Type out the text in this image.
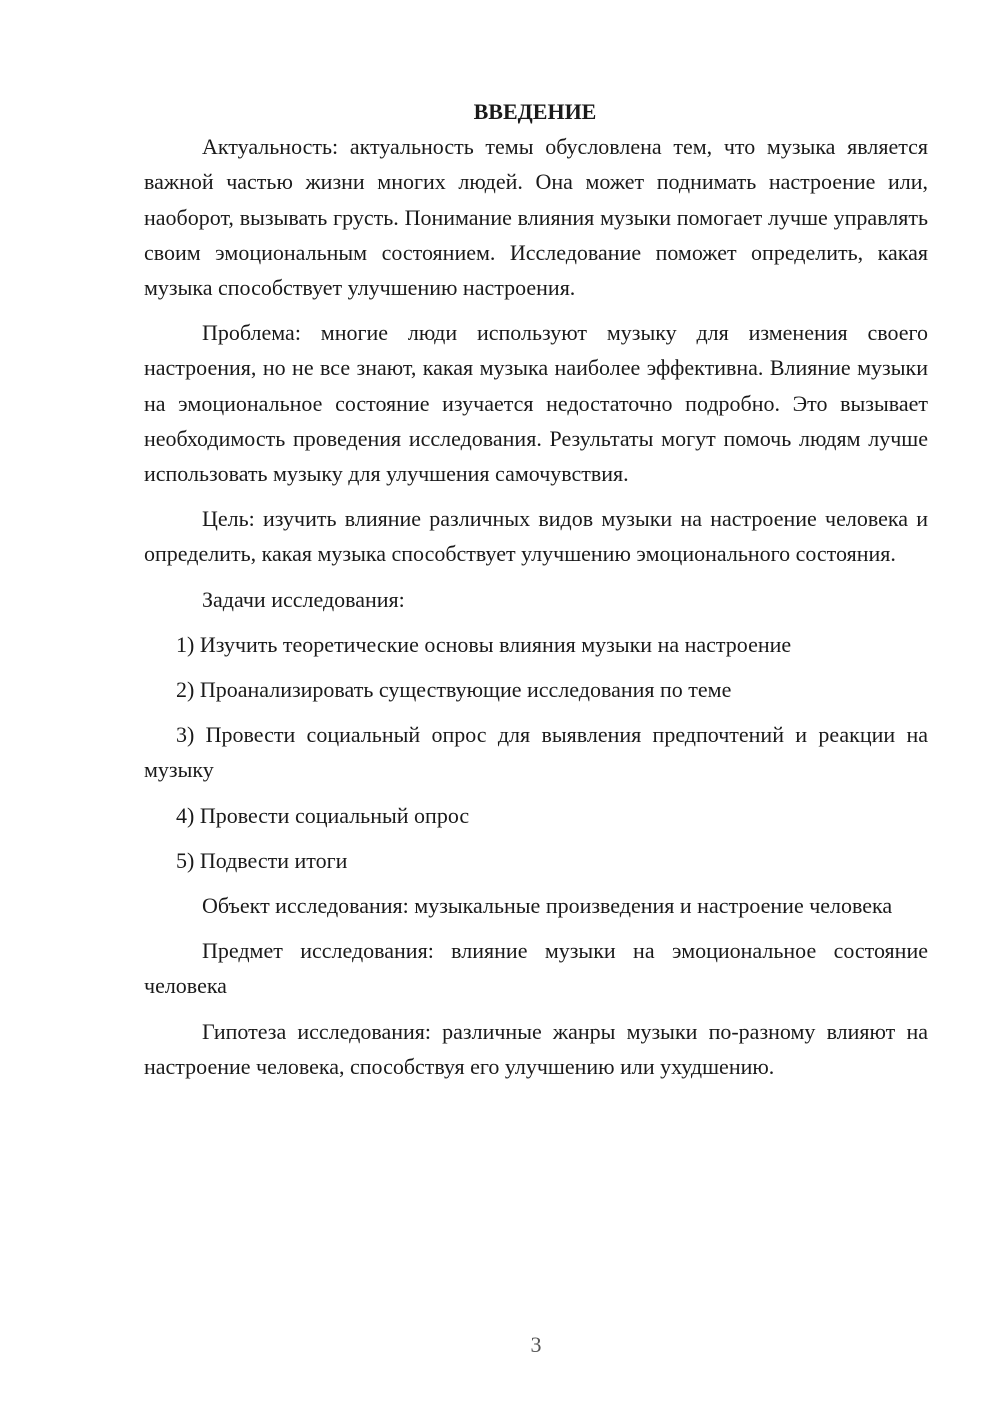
ВВЕДЕНИЕ

Актуальность: актуальность темы обусловлена тем, что музыка является важной частью жизни многих людей. Она может поднимать настроение или, наоборот, вызывать грусть. Понимание влияния музыки помогает лучше управлять своим эмоциональным состоянием. Исследование поможет определить, какая музыка способствует улучшению настроения.

Проблема: многие люди используют музыку для изменения своего настроения, но не все знают, какая музыка наиболее эффективна. Влияние музыки на эмоциональное состояние изучается недостаточно подробно. Это вызывает необходимость проведения исследования. Результаты могут помочь людям лучше использовать музыку для улучшения самочувствия.

Цель: изучить влияние различных видов музыки на настроение человека и определить, какая музыка способствует улучшению эмоционального состояния.

Задачи исследования:

1) Изучить теоретические основы влияния музыки на настроение

2) Проанализировать существующие исследования по теме

3) Провести социальный опрос для выявления предпочтений и реакции на музыку

4) Провести социальный опрос

5) Подвести итоги

Объект исследования: музыкальные произведения и настроение человека

Предмет исследования: влияние музыки на эмоциональное состояние человека

Гипотеза исследования: различные жанры музыки по-разному влияют на настроение человека, способствуя его улучшению или ухудшению.

3
